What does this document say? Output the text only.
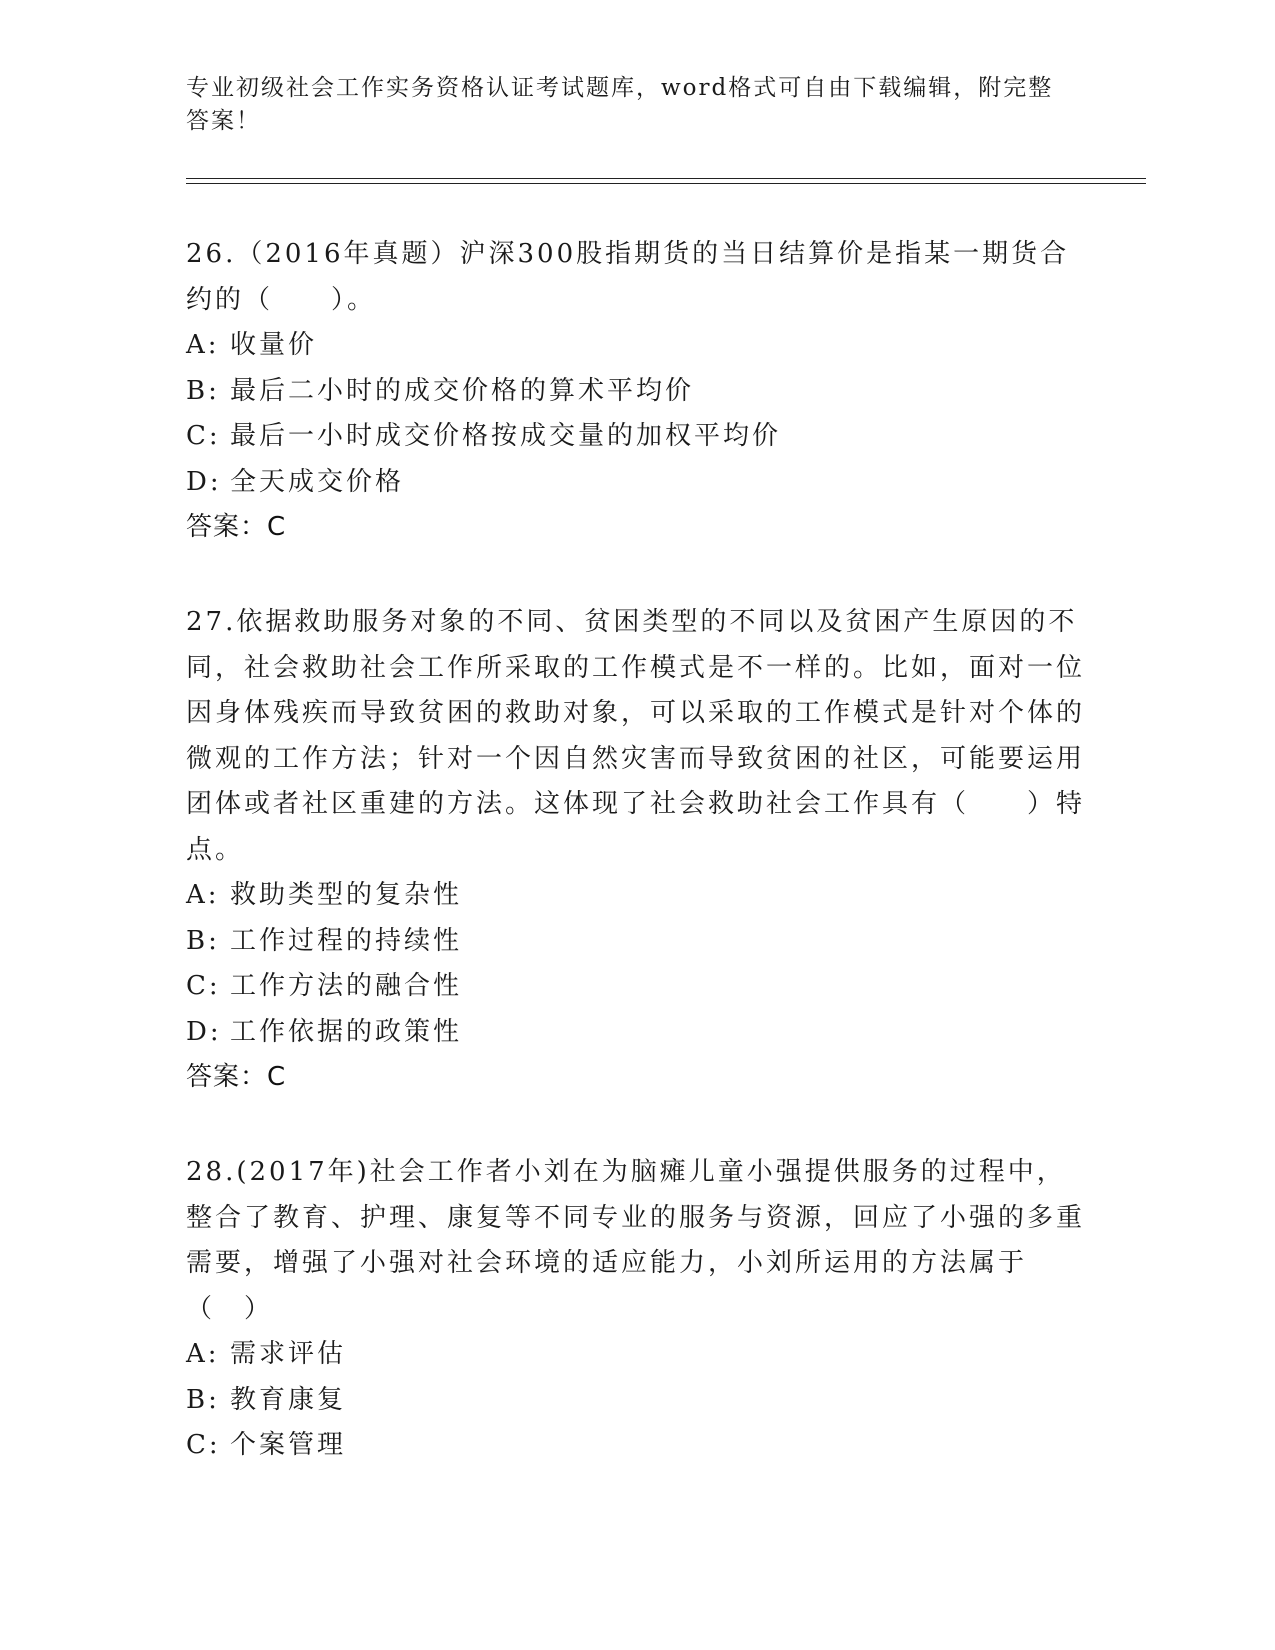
专业初级社会工作实务资格认证考试题库，word格式可自由下载编辑，附完整答案！

26.（2016年真题）沪深300股指期货的当日结算价是指某一期货合约的（　　）。

A: 收量价

B: 最后二小时的成交价格的算术平均价

C: 最后一小时成交价格按成交量的加权平均价

D: 全天成交价格

答案：C

27.依据救助服务对象的不同、贫困类型的不同以及贫困产生原因的不同，社会救助社会工作所采取的工作模式是不一样的。比如，面对一位因身体残疾而导致贫困的救助对象，可以采取的工作模式是针对个体的微观的工作方法；针对一个因自然灾害而导致贫困的社区，可能要运用团体或者社区重建的方法。这体现了社会救助社会工作具有（　　）特点。

A: 救助类型的复杂性

B: 工作过程的持续性

C: 工作方法的融合性

D: 工作依据的政策性

答案：C

28.(2017年)社会工作者小刘在为脑瘫儿童小强提供服务的过程中，整合了教育、护理、康复等不同专业的服务与资源，回应了小强的多重需要，增强了小强对社会环境的适应能力，小刘所运用的方法属于（　）

A: 需求评估

B: 教育康复

C: 个案管理
